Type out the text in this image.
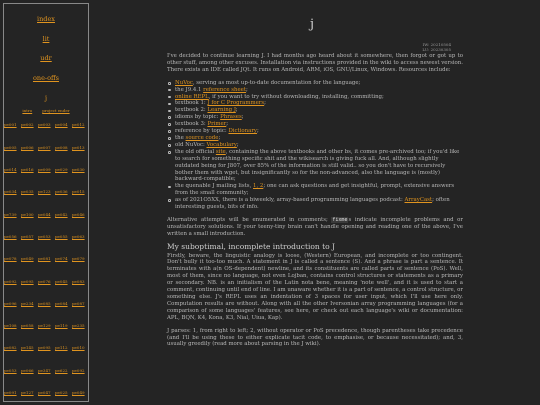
index
lit
udr
one-offs
j
intro	project ender
pe001	pe002	pe003	pe004	pe012
pe005	pe006	pe007	pe008	pe013
pe014	pe016	pe009	pe029	pe030
pe034	pe035	pe123	pe036	pe015
pe739	pe100	pe044	pe042	pe046
pe056	pe057	pe053	pe055	pe063
pe078	pe049	pe081	pe074	pe079
pe092	pe095	pe076	pe045	pe083
pe096	pe234	pe085	pe084	pe087
pe108	pe058	pe129	pe119	pe235
pe082	pe145	pe095	pe112	pe010
pe053	pe066	pe347	pe622	pe092
pe091	pe127	pe047	pe025	pe049
j
IW: 20210504
LU: 20230305

I've decided to continue learning J. I had months ago heard about it somewhere, then forgot or got up to other stuff, among other excuses. Installation via instructions provided in the wiki to access newest version. There exists an IDE called JQt. It runs on Android, ARM, iOS, GNU/Linux, Windows. Resources include:

NuVoc, serving as most up-to-date documentation for the language;
the J9.4.1 reference sheet;
online REPL, if you want to try without downloading, installing, committing;
textbook 1: J for C Programmers;
textbook 2: Learning J;
idioms by topic: Phrases;
textbook 3: Primer;
reference by topic: Dictionary;
the source code;
old NuVoc: Vocabulary;
the old official site, containing the above textbooks and other bs, it comes pre-archived too; if you'd like to search for something specific shit and the wikisearch is giving fuck all. And, although slightly outdated being for J807, over 85% of the information is still valid.. so you don't have to recursively bother them with wget, but insignificantly so for the non-advanced, also the language is (mostly) backward-compatible;
the quenable J mailing lists, 1, 2; one can ask questions and get insightful, prompt, extensive answers from the small community;
as of 2021O5XX, there is a biweekly, array-based programming languages podcast: ArrayCast; often interesting guests, bits of info.

Alternative attempts will be enumerated in comments; fixmes indicate incomplete problems and or unsatisfactory solutions. If your teeny-tiny brain can't handle opening and reading one of the above, I've written a small introduction.

My suboptimal, incomplete introduction to J

Firstly, beware, the linguistic analogy is loose, (Western) European, and incomplete or too contingent. Don't bully it too-too much. A statement in J is called a sentence (S). And a phrase is part a sentence. It terminates with a(n OS-dependent) newline, and its constituents are called parts of sentence (PoS). Well, most of them, since no language, not even Lojban, contains control structures or statements as a primary or secondary. NB. is an initialism of the Latin nota bene, meaning 'note well', and it is used to start a comment, continuing until end of line. I am unaware whether it is a part of sentence, a control structure, or something else. J's REPL uses an indentation of 3 spaces for user input, which I'll use here only. Computation results are without. Along with all the other Iversonian array programming languages (for a comparison of some languages' features, see here, or check out each language's wiki or documentation: APL, BQN, K4, Kona, K3, Nial, Uiua, Kap).

J parses: 1, from right to left; 2, without operator or PoS precedence, though parentheses take precedence (and I'll be using these to either explicate tacit code, to emphasise, or because necessitated); and, 3, usually greedily (read more about parsing in the J wiki).
